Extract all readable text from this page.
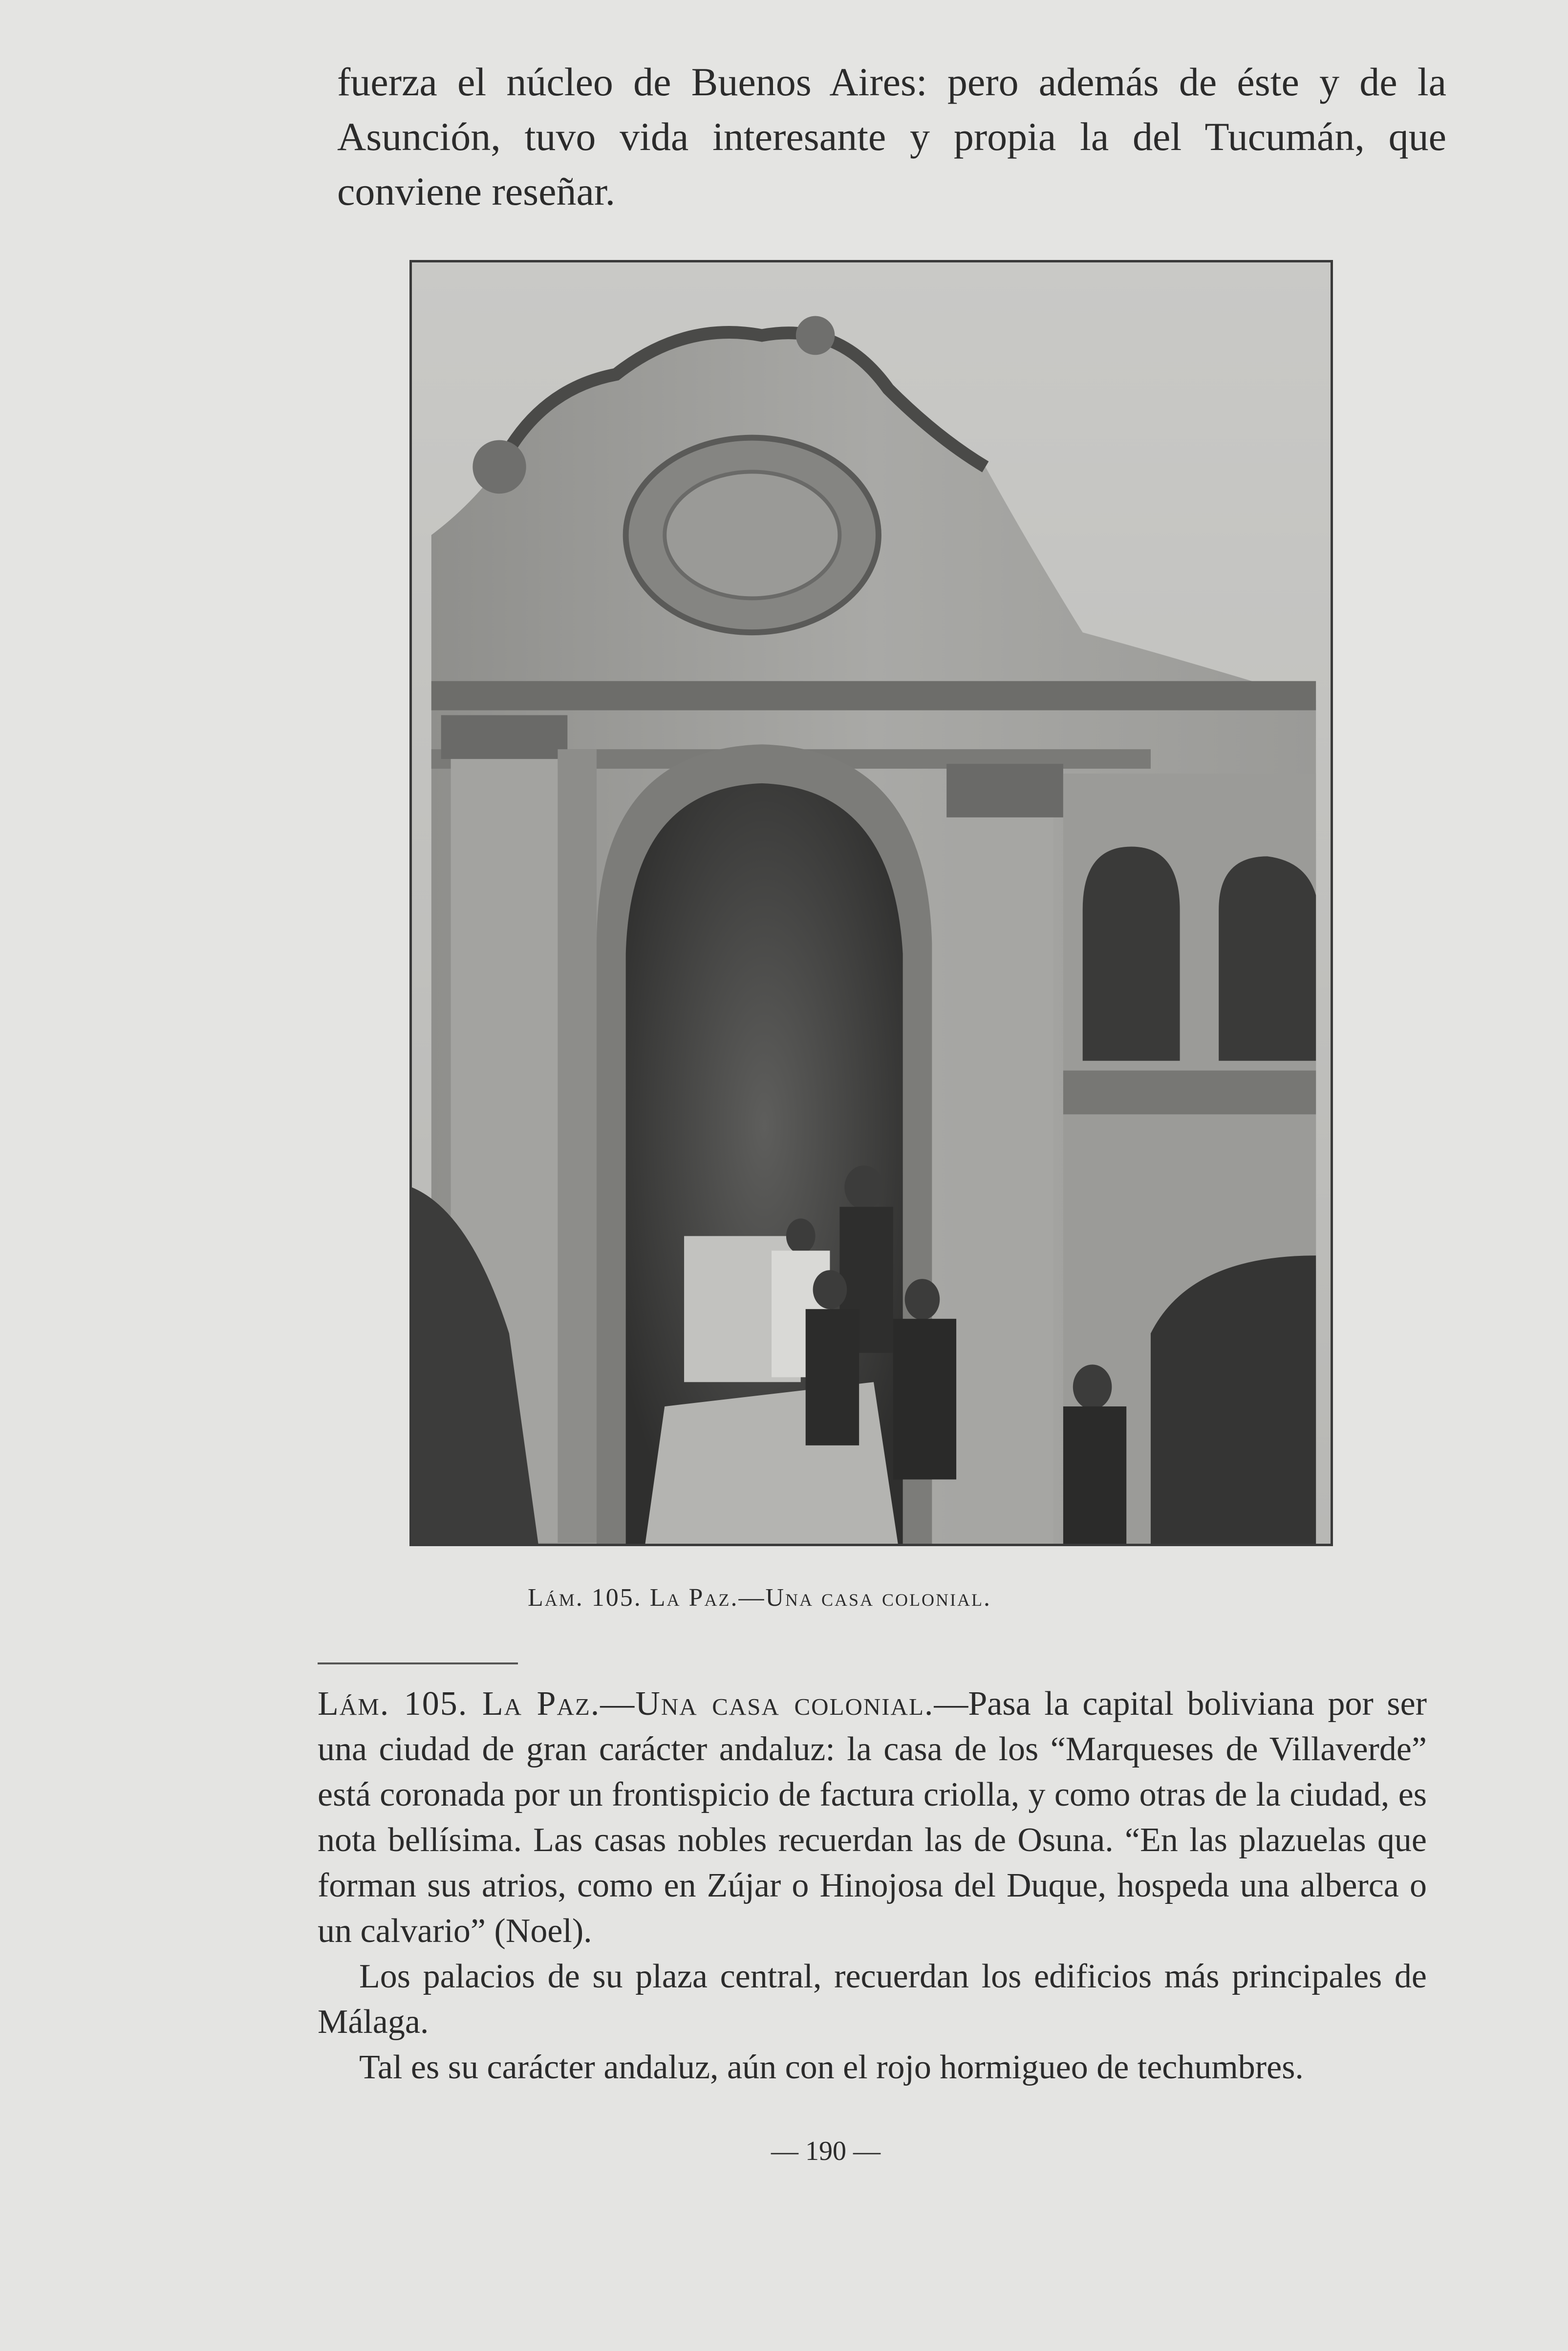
fuerza el núcleo de Buenos Aires: pero además de éste y de la Asunción, tuvo vida interesante y propia la del Tucumán, que conviene reseñar.
Lám. 105. La Paz.—Una casa colonial.

Lám. 105. La Paz.—Una casa colonial.—Pasa la capital boliviana por ser una ciudad de gran carácter andaluz: la casa de los “Marqueses de Villaverde” está coronada por un frontispicio de factura criolla, y como otras de la ciudad, es nota bellísima. Las casas nobles recuerdan las de Osuna. “En las plazuelas que forman sus atrios, como en Zújar o Hinojosa del Duque, hospeda una alberca o un calvario” (Noel).

Los palacios de su plaza central, recuerdan los edificios más principales de Málaga.

Tal es su carácter andaluz, aún con el rojo hormigueo de techumbres.

— 190 —
